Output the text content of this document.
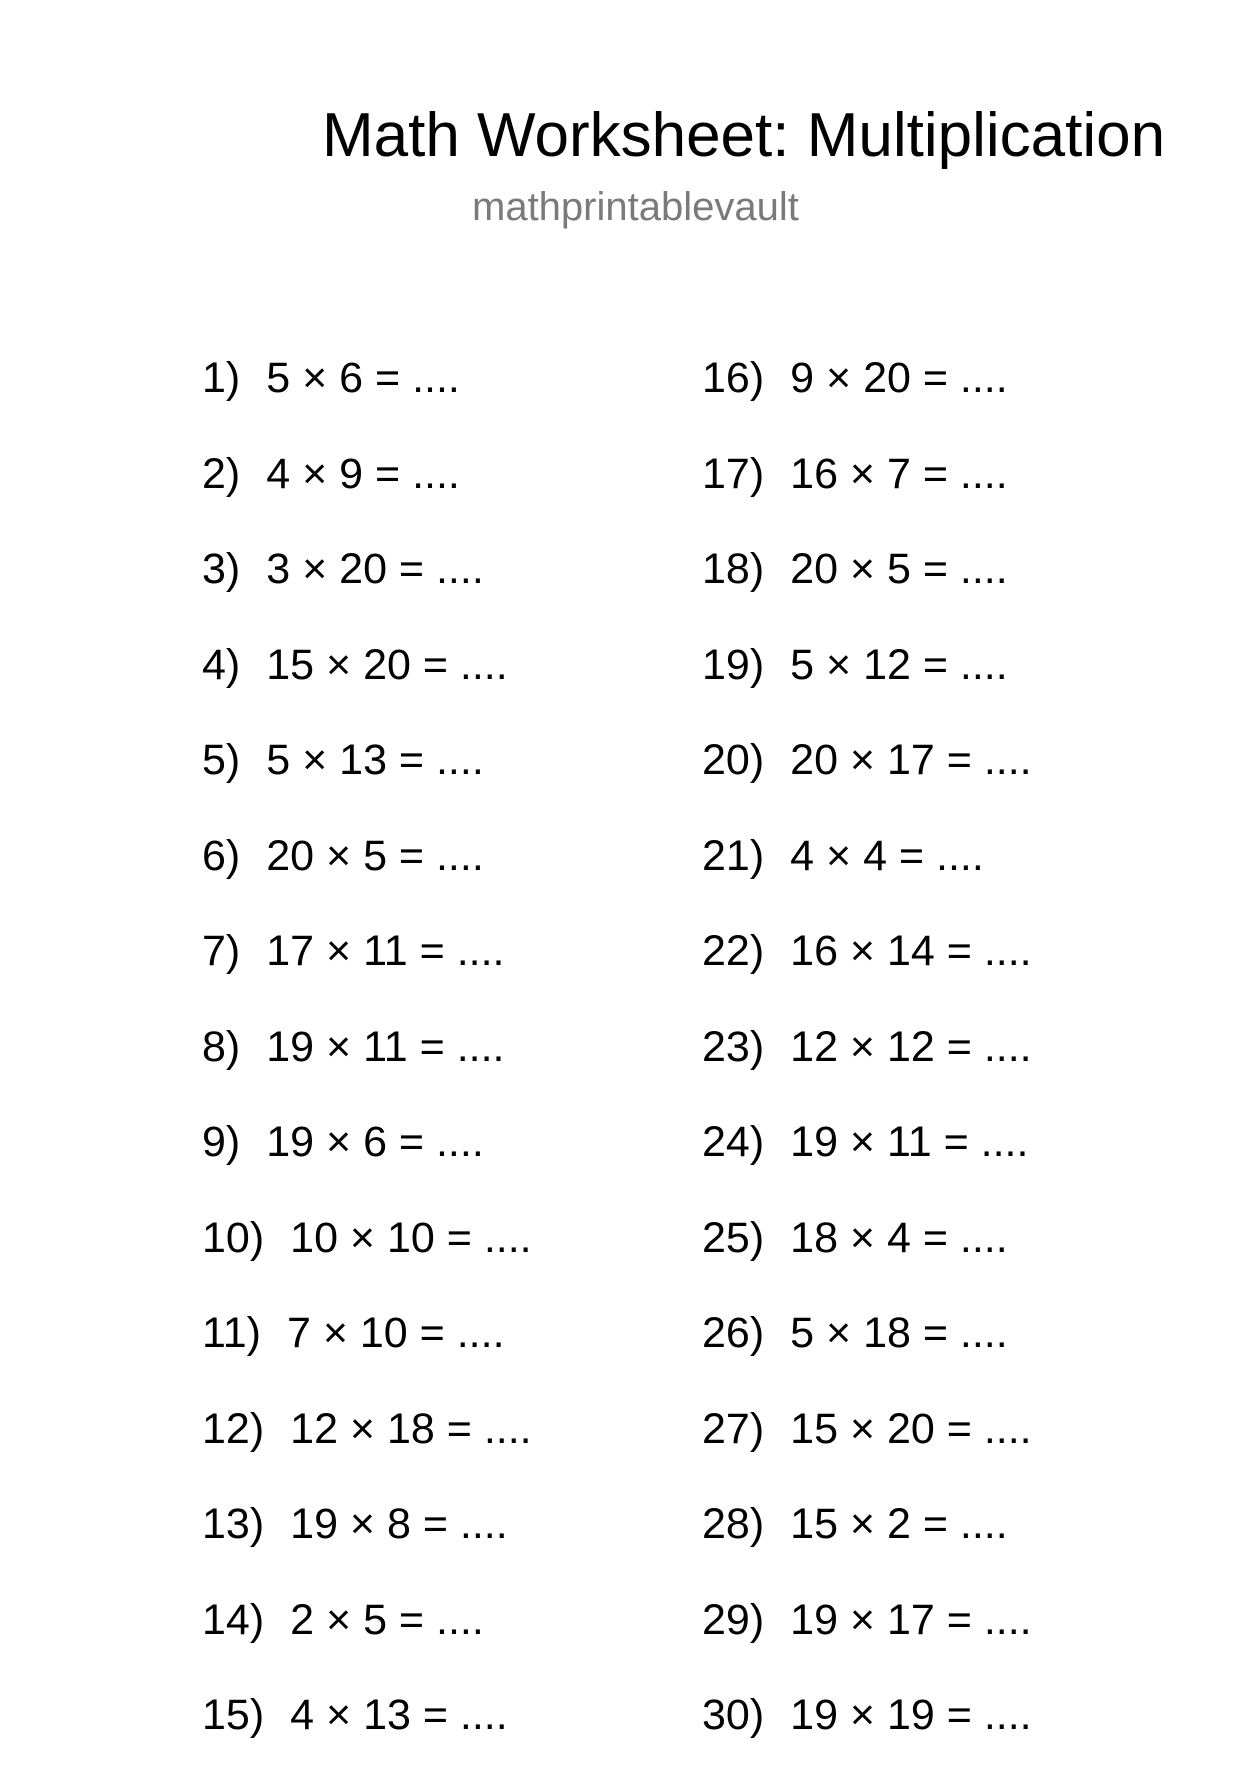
Math Worksheet: Multiplication
mathprintablevault
1) 5 × 6 = ....
2) 4 × 9 = ....
3) 3 × 20 = ....
4) 15 × 20 = ....
5) 5 × 13 = ....
6) 20 × 5 = ....
7) 17 × 11 = ....
8) 19 × 11 = ....
9) 19 × 6 = ....
10) 10 × 10 = ....
11) 7 × 10 = ....
12) 12 × 18 = ....
13) 19 × 8 = ....
14) 2 × 5 = ....
15) 4 × 13 = ....
16) 9 × 20 = ....
17) 16 × 7 = ....
18) 20 × 5 = ....
19) 5 × 12 = ....
20) 20 × 17 = ....
21) 4 × 4 = ....
22) 16 × 14 = ....
23) 12 × 12 = ....
24) 19 × 11 = ....
25) 18 × 4 = ....
26) 5 × 18 = ....
27) 15 × 20 = ....
28) 15 × 2 = ....
29) 19 × 17 = ....
30) 19 × 19 = ....
